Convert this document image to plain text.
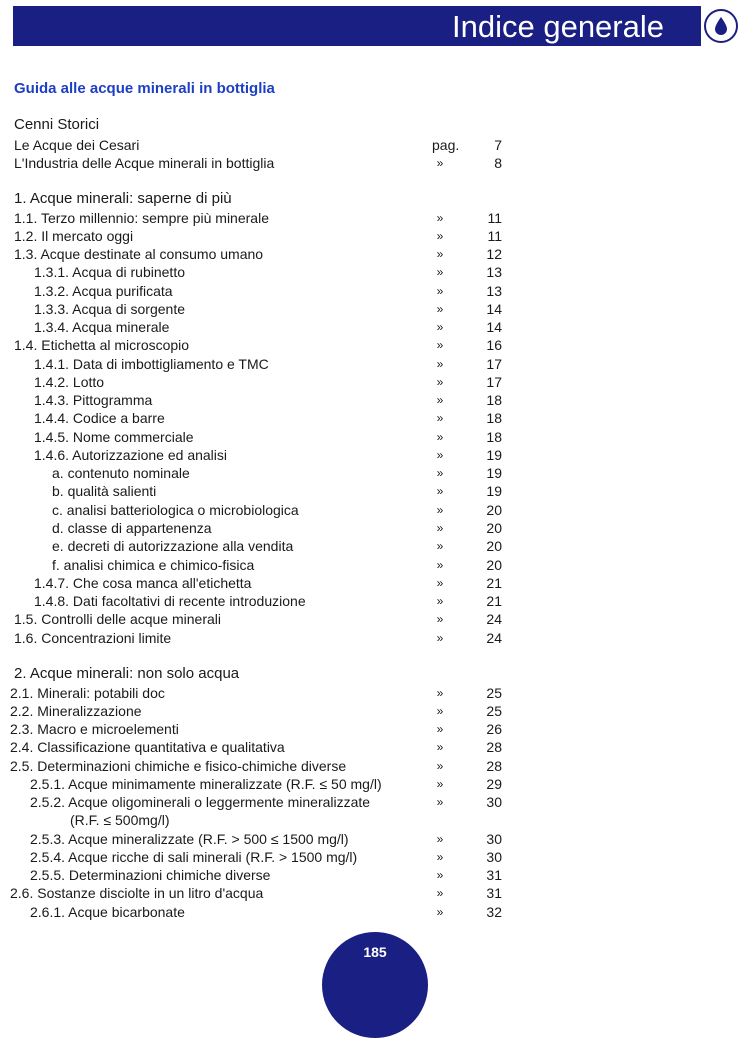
Indice generale
Guida alle acque minerali in bottiglia
Cenni Storici
Le Acque dei Cesari	pag.	7
L'Industria delle Acque minerali in bottiglia	»	8
1. Acque minerali: saperne di più
1.1. Terzo millennio: sempre più minerale	»	11
1.2. Il mercato oggi	»	11
1.3. Acque destinate al consumo umano	»	12
1.3.1. Acqua di rubinetto	»	13
1.3.2. Acqua purificata	»	13
1.3.3. Acqua di sorgente	»	14
1.3.4. Acqua minerale	»	14
1.4. Etichetta al microscopio	»	16
1.4.1. Data di imbottigliamento e TMC	»	17
1.4.2. Lotto	»	17
1.4.3. Pittogramma	»	18
1.4.4. Codice a barre	»	18
1.4.5. Nome commerciale	»	18
1.4.6. Autorizzazione ed analisi	»	19
a. contenuto nominale	»	19
b. qualità salienti	»	19
c. analisi batteriologica o microbiologica	»	20
d. classe di appartenenza	»	20
e. decreti di autorizzazione alla vendita	»	20
f. analisi chimica e chimico-fisica	»	20
1.4.7. Che cosa manca all'etichetta	»	21
1.4.8. Dati facoltativi di recente introduzione	»	21
1.5. Controlli delle acque minerali	»	24
1.6. Concentrazioni limite	»	24
2. Acque minerali: non solo acqua
2.1. Minerali: potabili doc	»	25
2.2. Mineralizzazione	»	25
2.3. Macro e microelementi	»	26
2.4. Classificazione quantitativa e qualitativa	»	28
2.5. Determinazioni chimiche e fisico-chimiche diverse	»	28
2.5.1. Acque minimamente mineralizzate (R.F. ≤ 50 mg/l)	»	29
2.5.2. Acque oligominerali o leggermente mineralizzate	»	30
(R.F. ≤ 500mg/l)
2.5.3. Acque mineralizzate (R.F. > 500 ≤ 1500 mg/l)	»	30
2.5.4. Acque ricche di sali minerali (R.F. > 1500 mg/l)	»	30
2.5.5. Determinazioni chimiche diverse	»	31
2.6. Sostanze disciolte in un litro d'acqua	»	31
2.6.1. Acque bicarbonate	»	32
185
